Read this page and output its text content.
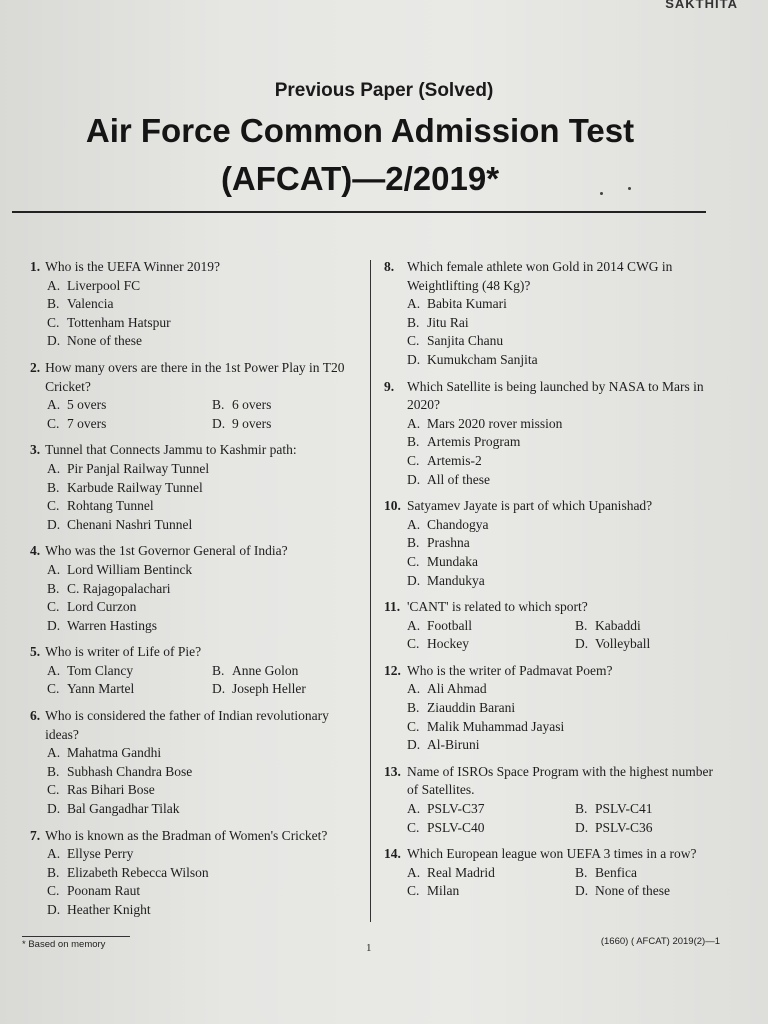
SAKTHITA
Previous Paper (Solved)
Air Force Common Admission Test
(AFCAT)—2/2019*
1. Who is the UEFA Winner 2019?
A. Liverpool FC
B. Valencia
C. Tottenham Hatspur
D. None of these
2. How many overs are there in the 1st Power Play in T20 Cricket?
A. 5 overs	B. 6 overs
C. 7 overs	D. 9 overs
3. Tunnel that Connects Jammu to Kashmir path:
A. Pir Panjal Railway Tunnel
B. Karbude Railway Tunnel
C. Rohtang Tunnel
D. Chenani Nashri Tunnel
4. Who was the 1st Governor General of India?
A. Lord William Bentinck
B. C. Rajagopalachari
C. Lord Curzon
D. Warren Hastings
5. Who is writer of Life of Pie?
A. Tom Clancy	B. Anne Golon
C. Yann Martel	D. Joseph Heller
6. Who is considered the father of Indian revolutionary ideas?
A. Mahatma Gandhi
B. Subhash Chandra Bose
C. Ras Bihari Bose
D. Bal Gangadhar Tilak
7. Who is known as the Bradman of Women's Cricket?
A. Ellyse Perry
B. Elizabeth Rebecca Wilson
C. Poonam Raut
D. Heather Knight
8. Which female athlete won Gold in 2014 CWG in Weightlifting (48 Kg)?
A. Babita Kumari
B. Jitu Rai
C. Sanjita Chanu
D. Kumukcham Sanjita
9. Which Satellite is being launched by NASA to Mars in 2020?
A. Mars 2020 rover mission
B. Artemis Program
C. Artemis-2
D. All of these
10. Satyamev Jayate is part of which Upanishad?
A. Chandogya
B. Prashna
C. Mundaka
D. Mandukya
11. 'CANT' is related to which sport?
A. Football	B. Kabaddi
C. Hockey	D. Volleyball
12. Who is the writer of Padmavat Poem?
A. Ali Ahmad
B. Ziauddin Barani
C. Malik Muhammad Jayasi
D. Al-Biruni
13. Name of ISROs Space Program with the highest number of Satellites.
A. PSLV-C37	B. PSLV-C41
C. PSLV-C40	D. PSLV-C36
14. Which European league won UEFA 3 times in a row?
A. Real Madrid	B. Benfica
C. Milan	D. None of these
* Based on memory	1
(1660) ( AFCAT) 2019(2)—1
